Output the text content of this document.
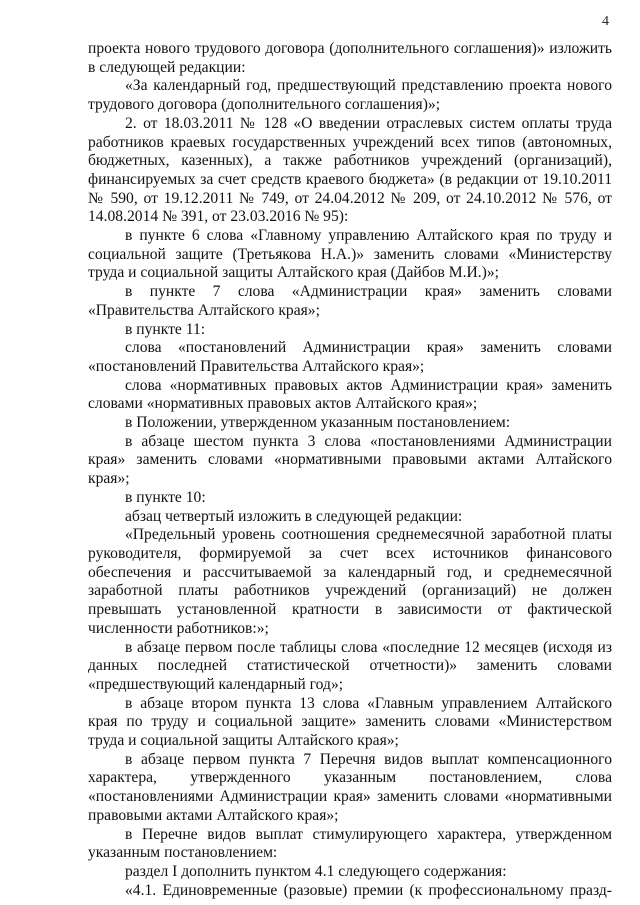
4

проекта нового трудового договора (дополнительного соглашения)» изложить в следующей редакции:

«За календарный год, предшествующий представлению проекта нового трудового договора (дополнительного соглашения)»;

2. от 18.03.2011 № 128 «О введении отраслевых систем оплаты труда работников краевых государственных учреждений всех типов (автономных, бюджетных, казенных), а также работников учреждений (организаций), финансируемых за счет средств краевого бюджета» (в редакции от 19.10.2011 № 590, от 19.12.2011 № 749, от 24.04.2012 № 209, от 24.10.2012 № 576, от 14.08.2014 № 391, от 23.03.2016 № 95):

в пункте 6 слова «Главному управлению Алтайского края по труду и социальной защите (Третьякова Н.А.)» заменить словами «Министерству труда и социальной защиты Алтайского края (Дайбов М.И.)»;

в пункте 7 слова «Администрации края» заменить словами «Правительства Алтайского края»;

в пункте 11:

слова «постановлений Администрации края» заменить словами «постановлений Правительства Алтайского края»;

слова «нормативных правовых актов Администрации края» заменить словами «нормативных правовых актов Алтайского края»;

в Положении, утвержденном указанным постановлением:

в абзаце шестом пункта 3 слова «постановлениями Администрации края» заменить словами «нормативными правовыми актами Алтайского края»;

в пункте 10:

абзац четвертый изложить в следующей редакции:

«Предельный уровень соотношения среднемесячной заработной платы руководителя, формируемой за счет всех источников финансового обеспечения и рассчитываемой за календарный год, и среднемесячной заработной платы работников учреждений (организаций) не должен превышать установленной кратности в зависимости от фактической численности работников:»;

в абзаце первом после таблицы слова «последние 12 месяцев (исходя из данных последней статистической отчетности)» заменить словами «предшествующий календарный год»;

в абзаце втором пункта 13 слова «Главным управлением Алтайского края по труду и социальной защите» заменить словами «Министерством труда и социальной защиты Алтайского края»;

в абзаце первом пункта 7 Перечня видов выплат компенсационного характера, утвержденного указанным постановлением, слова «постановлениями Администрации края» заменить словами «нормативными правовыми актами Алтайского края»;

в Перечне видов выплат стимулирующего характера, утвержденном указанным постановлением:

раздел I дополнить пунктом 4.1 следующего содержания:

«4.1. Единовременные (разовые) премии (к профессиональному празд-
